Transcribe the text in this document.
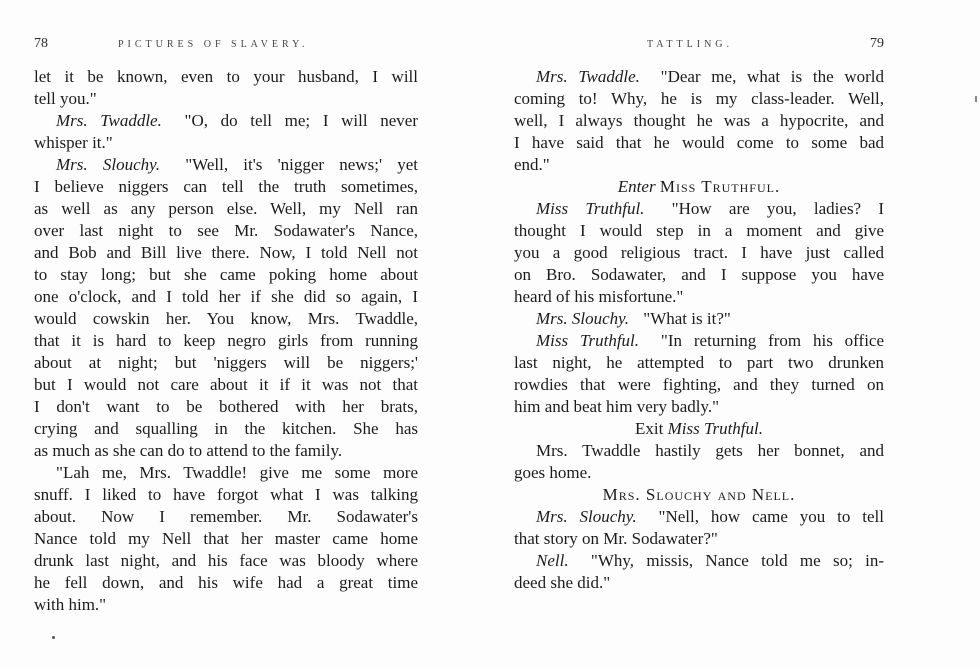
78	PICTURES OF SLAVERY.
let it be known, even to your husband, I will
tell you."
Mrs. Twaddle. "O, do tell me; I will never
whisper it."
Mrs. Slouchy. "Well, it's 'nigger news;' yet
I believe niggers can tell the truth sometimes,
as well as any person else. Well, my Nell ran
over last night to see Mr. Sodawater's Nance,
and Bob and Bill live there. Now, I told Nell not
to stay long; but she came poking home about
one o'clock, and I told her if she did so again, I
would cowskin her. You know, Mrs. Twaddle,
that it is hard to keep negro girls from running
about at night; but 'niggers will be niggers;'
but I would not care about it if it was not that
I don't want to be bothered with her brats,
crying and squalling in the kitchen. She has
as much as she can do to attend to the family.
"Lah me, Mrs. Twaddle! give me some more
snuff. I liked to have forgot what I was talking
about. Now I remember. Mr. Sodawater's
Nance told my Nell that her master came home
drunk last night, and his face was bloody where
he fell down, and his wife had a great time
with him."
TATTLING.	79
Mrs. Twaddle. "Dear me, what is the world
coming to! Why, he is my class-leader. Well,
well, I always thought he was a hypocrite, and
I have said that he would come to some bad
end."
Enter Miss Truthful.
Miss Truthful. "How are you, ladies? I
thought I would step in a moment and give
you a good religious tract. I have just called
on Bro. Sodawater, and I suppose you have
heard of his misfortune."
Mrs. Slouchy. "What is it?"
Miss Truthful. "In returning from his office
last night, he attempted to part two drunken
rowdies that were fighting, and they turned on
him and beat him very badly."
Exit Miss Truthful.
Mrs. Twaddle hastily gets her bonnet, and
goes home.
Mrs. Slouchy and Nell.
Mrs. Slouchy. "Nell, how came you to tell
that story on Mr. Sodawater?"
Nell. "Why, missis, Nance told me so; in-
deed she did."
